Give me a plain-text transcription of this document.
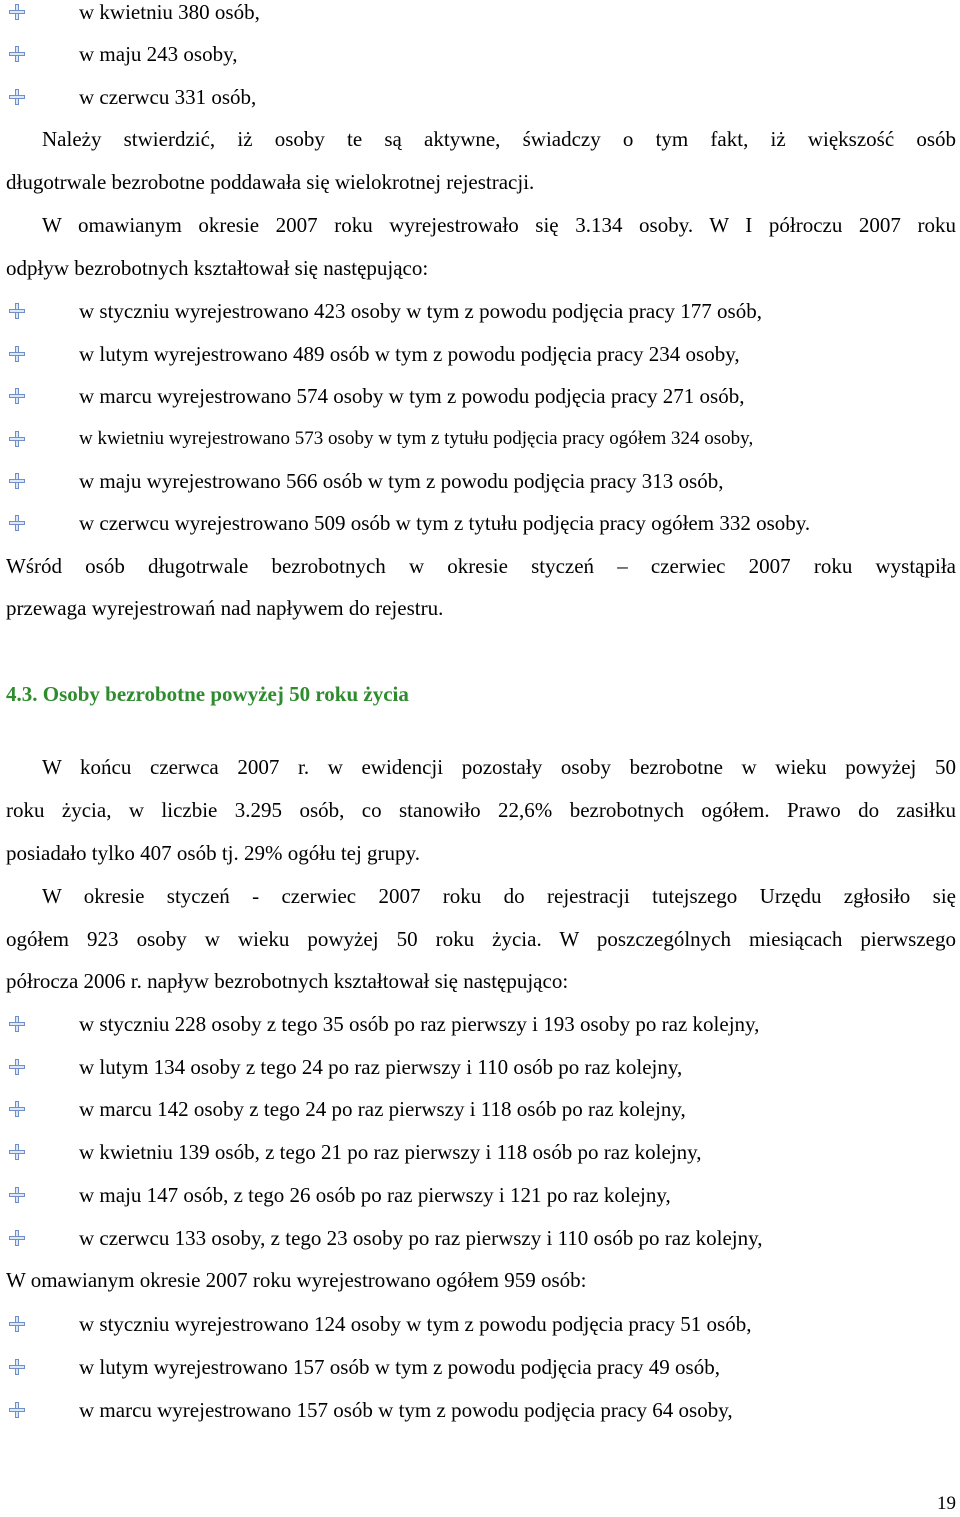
w kwietniu 380 osób,
w maju 243 osoby,
w czerwcu 331 osób,
Należy stwierdzić, iż osoby te są aktywne, świadczy o tym fakt, iż większość osób
długotrwale bezrobotne poddawała się wielokrotnej rejestracji.
W omawianym okresie 2007 roku wyrejestrowało się 3.134 osoby. W I półroczu 2007 roku
odpływ bezrobotnych kształtował się następująco:
w styczniu wyrejestrowano 423 osoby w tym z powodu podjęcia pracy 177 osób,
w lutym wyrejestrowano 489 osób w tym z powodu podjęcia pracy 234 osoby,
w marcu wyrejestrowano 574 osoby w tym z powodu podjęcia pracy 271 osób,
w kwietniu wyrejestrowano 573 osoby w tym z tytułu podjęcia pracy ogółem 324 osoby,
w maju wyrejestrowano 566 osób w tym z powodu podjęcia pracy 313 osób,
w czerwcu wyrejestrowano 509 osób w tym z tytułu podjęcia pracy ogółem 332 osoby.
Wśród osób długotrwale bezrobotnych w okresie styczeń – czerwiec 2007 roku wystąpiła
przewaga wyrejestrowań nad napływem do rejestru.
4.3. Osoby bezrobotne powyżej 50 roku życia
W końcu czerwca 2007 r. w ewidencji pozostały osoby bezrobotne w wieku powyżej 50
roku życia, w liczbie 3.295 osób, co stanowiło 22,6% bezrobotnych ogółem. Prawo do zasiłku
posiadało tylko 407 osób tj. 29% ogółu tej grupy.
W okresie styczeń - czerwiec 2007 roku do rejestracji tutejszego Urzędu zgłosiło się
ogółem 923 osoby w wieku powyżej 50 roku życia. W poszczególnych miesiącach pierwszego
półrocza 2006 r. napływ bezrobotnych kształtował się następująco:
w styczniu 228 osoby z tego 35 osób po raz pierwszy i 193 osoby po raz kolejny,
w lutym 134 osoby z tego 24 po raz pierwszy i 110 osób po raz kolejny,
w marcu 142 osoby z tego 24 po raz pierwszy i 118 osób po raz kolejny,
w kwietniu 139 osób, z tego 21 po raz pierwszy i 118 osób po raz kolejny,
w maju 147 osób, z tego 26 osób po raz pierwszy i 121 po raz kolejny,
w czerwcu 133 osoby, z tego 23 osoby po raz pierwszy i 110 osób po raz kolejny,
W omawianym okresie 2007 roku wyrejestrowano ogółem 959 osób:
w styczniu wyrejestrowano 124 osoby w tym z powodu podjęcia pracy 51 osób,
w lutym wyrejestrowano 157 osób w tym z powodu podjęcia pracy 49 osób,
w marcu wyrejestrowano 157 osób w tym z powodu podjęcia pracy 64 osoby,
19
